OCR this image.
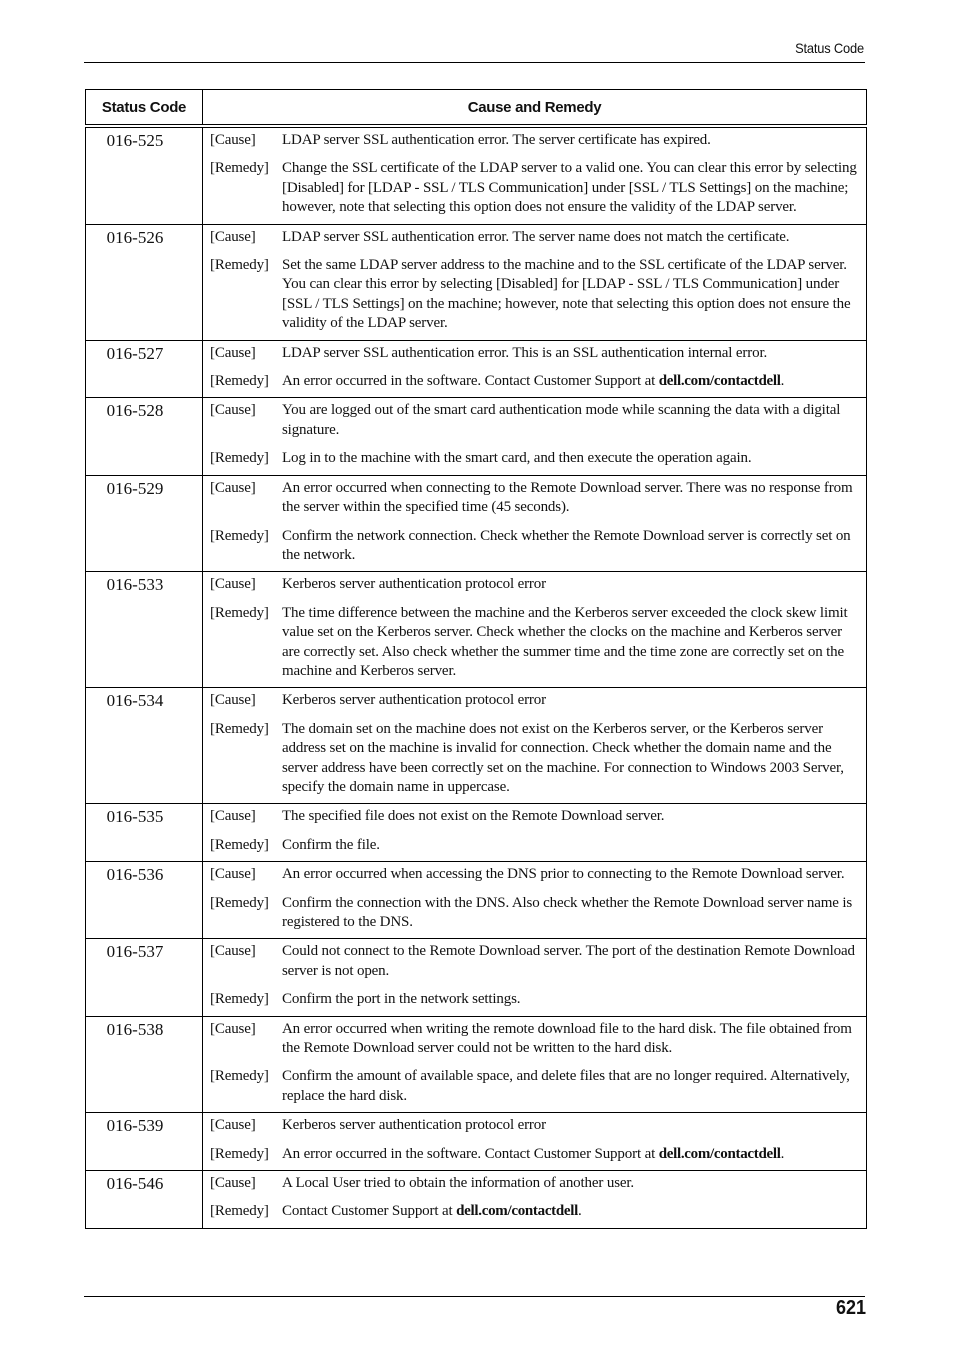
Status Code
Status Code	Cause and Remedy
016-525	[Cause] LDAP server SSL authentication error. The server certificate has expired.
[Remedy] Change the SSL certificate of the LDAP server to a valid one. You can clear this error by selecting [Disabled] for [LDAP - SSL / TLS Communication] under [SSL / TLS Settings] on the machine; however, note that selecting this option does not ensure the validity of the LDAP server.

016-526	[Cause] LDAP server SSL authentication error. The server name does not match the certificate.
[Remedy] Set the same LDAP server address to the machine and to the SSL certificate of the LDAP server. You can clear this error by selecting [Disabled] for [LDAP - SSL / TLS Communication] under [SSL / TLS Settings] on the machine; however, note that selecting this option does not ensure the validity of the LDAP server.

016-527	[Cause] LDAP server SSL authentication error. This is an SSL authentication internal error.
[Remedy] An error occurred in the software. Contact Customer Support at dell.com/contactdell.

016-528	[Cause] You are logged out of the smart card authentication mode while scanning the data with a digital signature.
[Remedy] Log in to the machine with the smart card, and then execute the operation again.

016-529	[Cause] An error occurred when connecting to the Remote Download server. There was no response from the server within the specified time (45 seconds).
[Remedy] Confirm the network connection. Check whether the Remote Download server is correctly set on the network.

016-533	[Cause] Kerberos server authentication protocol error
[Remedy] The time difference between the machine and the Kerberos server exceeded the clock skew limit value set on the Kerberos server. Check whether the clocks on the machine and Kerberos server are correctly set. Also check whether the summer time and the time zone are correctly set on the machine and Kerberos server.

016-534	[Cause] Kerberos server authentication protocol error
[Remedy] The domain set on the machine does not exist on the Kerberos server, or the Kerberos server address set on the machine is invalid for connection. Check whether the domain name and the server address have been correctly set on the machine. For connection to Windows 2003 Server, specify the domain name in uppercase.

016-535	[Cause] The specified file does not exist on the Remote Download server.
[Remedy] Confirm the file.

016-536	[Cause] An error occurred when accessing the DNS prior to connecting to the Remote Download server.
[Remedy] Confirm the connection with the DNS. Also check whether the Remote Download server name is registered to the DNS.

016-537	[Cause] Could not connect to the Remote Download server. The port of the destination Remote Download server is not open.
[Remedy] Confirm the port in the network settings.

016-538	[Cause] An error occurred when writing the remote download file to the hard disk. The file obtained from the Remote Download server could not be written to the hard disk.
[Remedy] Confirm the amount of available space, and delete files that are no longer required. Alternatively, replace the hard disk.

016-539	[Cause] Kerberos server authentication protocol error
[Remedy] An error occurred in the software. Contact Customer Support at dell.com/contactdell.

016-546	[Cause] A Local User tried to obtain the information of another user.
[Remedy] Contact Customer Support at dell.com/contactdell.
621
